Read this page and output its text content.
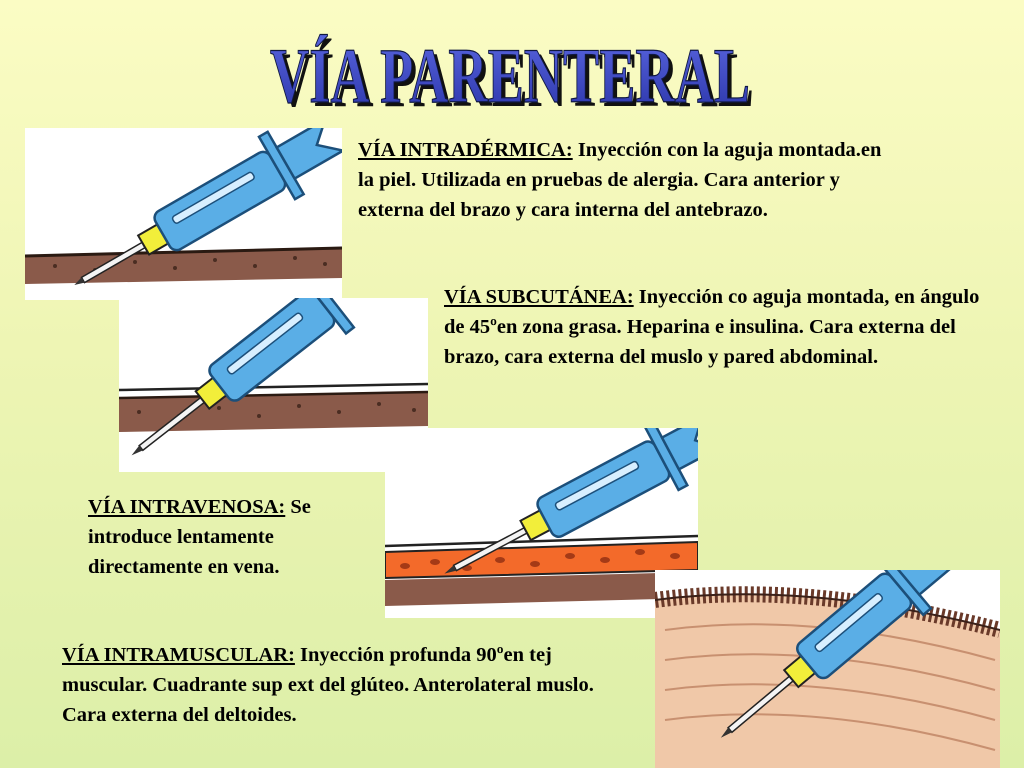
VÍA PARENTERAL
VÍA PARENTERAL

VÍA INTRADÉRMICA: Inyección con la aguja montada.en la piel. Utilizada en pruebas de alergia. Cara anterior y externa del brazo y cara interna del antebrazo.

VÍA SUBCUTÁNEA: Inyección co aguja montada, en ángulo de 45ºen zona grasa. Heparina e insulina. Cara externa del brazo, cara externa del muslo y pared abdominal.

VÍA INTRAVENOSA: Se introduce lentamente directamente en vena.

VÍA INTRAMUSCULAR: Inyección profunda 90ºen tej muscular. Cuadrante sup ext del glúteo. Anterolateral muslo. Cara externa del deltoides.
